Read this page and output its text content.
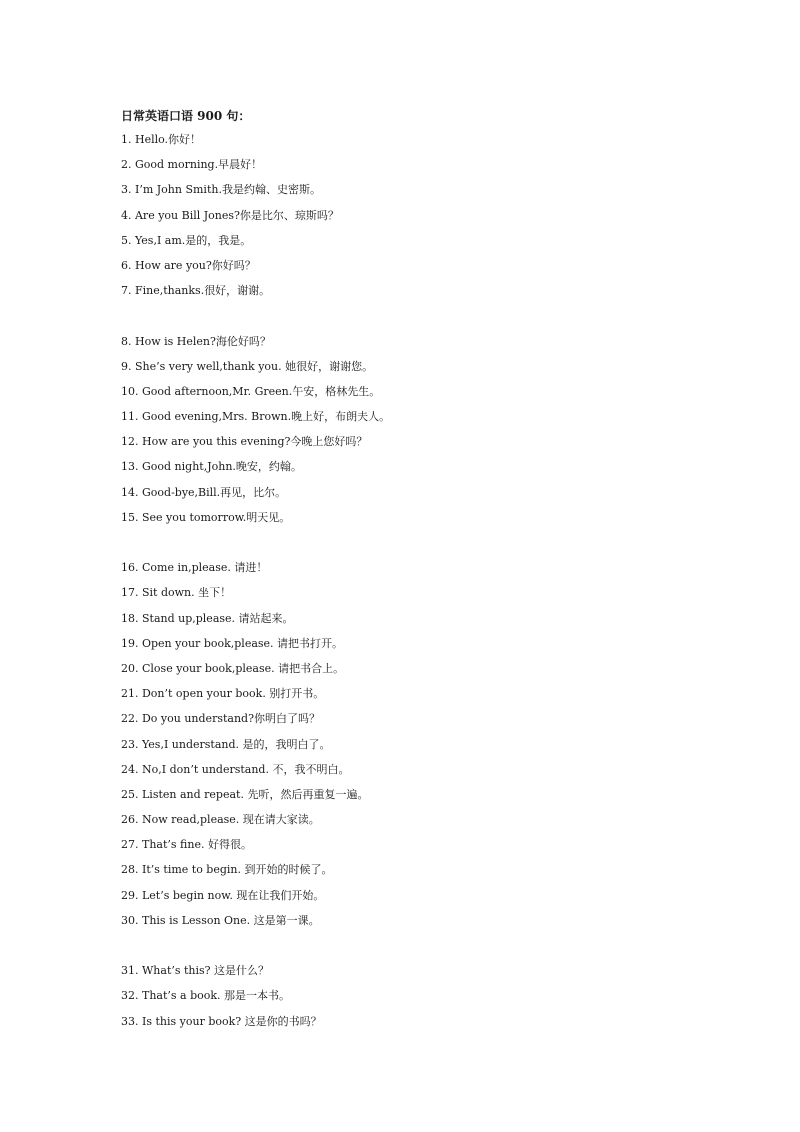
日常英语口语 900 句：
1. Hello.你好！
2. Good morning.早晨好！
3. I’m John Smith.我是约翰、史密斯。
4. Are you Bill Jones?你是比尔、琼斯吗？
5. Yes,I am.是的，我是。
6. How are you?你好吗？
7. Fine,thanks.很好，谢谢。
8. How is Helen?海伦好吗？
9. She’s very well,thank you. 她很好，谢谢您。
10. Good afternoon,Mr. Green.午安，格林先生。
11. Good evening,Mrs. Brown.晚上好，布朗夫人。
12. How are you this evening?今晚上您好吗？
13. Good night,John.晚安，约翰。
14. Good-bye,Bill.再见，比尔。
15. See you tomorrow.明天见。
16. Come in,please. 请进！
17. Sit down. 坐下！
18. Stand up,please. 请站起来。
19. Open your book,please. 请把书打开。
20. Close your book,please. 请把书合上。
21. Don’t open your book. 别打开书。
22. Do you understand?你明白了吗？
23. Yes,I understand. 是的，我明白了。
24. No,I don’t understand. 不，我不明白。
25. Listen and repeat. 先听，然后再重复一遍。
26. Now read,please. 现在请大家读。
27. That’s fine. 好得很。
28. It’s time to begin. 到开始的时候了。
29. Let’s begin now. 现在让我们开始。
30. This is Lesson One. 这是第一课。
31. What’s this? 这是什么？
32. That’s a book. 那是一本书。
33. Is this your book? 这是你的书吗？
